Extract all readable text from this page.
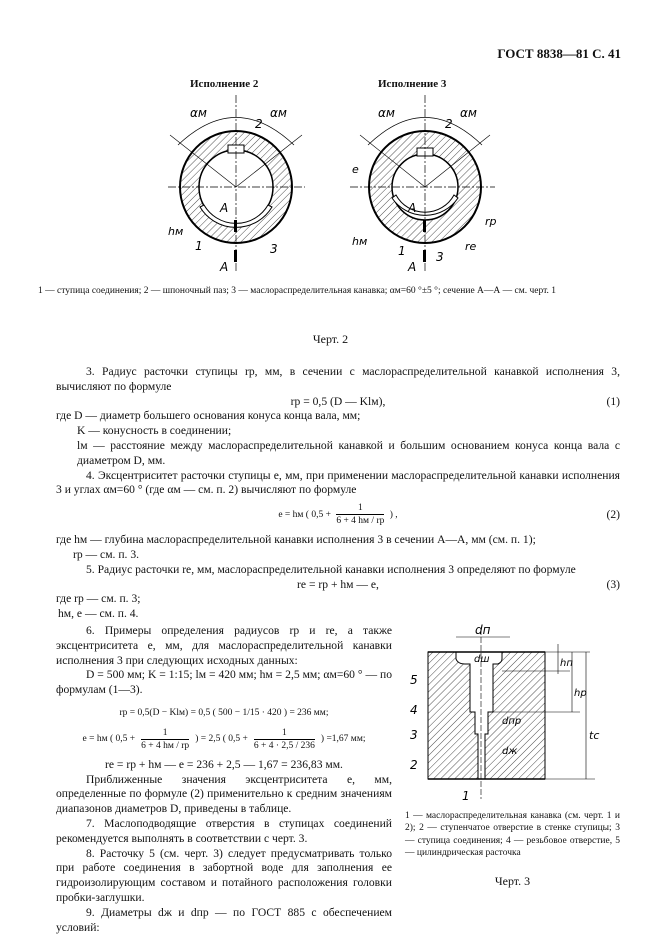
ГОСТ 8838—81 С. 41
Исполнение 2	Исполнение 3
αм	αм
2
A
A
hм
1	3
αм	αм
2
e
hм
rр
rе
A
A
1	3
1 — ступица соединения; 2 — шпоночный паз; 3 — маслораспределительная канавка; αм=60 °±5 °; сечение А—А — см. черт. 1
Черт. 2

3. Радиус расточки ступицы rр, мм, в сечении с маслораспределительной канавкой исполнения 3, вычисляют по формуле

rр = 0,5 (D — Klм),	(1)
где D — диаметр большего основания конуса конца вала, мм;
K — конусность в соединении;
lм — расстояние между маслораспределительной канавкой и большим основанием конуса конца вала с диаметром D, мм.

4. Эксцентриситет расточки ступицы e, мм, при применении маслораспределительной канавки исполнения 3 и углах αм=60 ° (где αм — см. п. 2) вычисляют по формуле

e = hм ( $0,5 + \frac{1}{6 + 4 hм / rр}$ ) ,	(2)
где hм — глубина маслораспределительной канавки исполнения 3 в сечении A—A, мм (см. п. 1);
rр — см. п. 3.

5. Радиус расточки rе, мм, маслораспределительной канавки исполнения 3 определяют по формуле

rе = rр + hм — e,	(3)
где rр — см. п. 3;
hм, e — см. п. 4.

6. Примеры определения радиусов rр и rе, а также эксцентриситета e, мм, для маслораспределительной канавки исполнения 3 при следующих исходных данных:

D = 500 мм; K = 1:15; lм = 420 мм; hм = 2,5 мм; αм=60 ° — по формулам (1—3).

rр = 0,5(D − Klм) = 0,5 ( 500 − 1/15 · 420 ) = 236 мм;
e = hм ( $0,5 + \frac{1}{6 + 4 hм / rр}$ ) = 2,5 ( $0,5 + \frac{1}{6 + 4 \cdot 2,5 / 236}$ ) =1,67 мм;
rе = rр + hм — e = 236 + 2,5 — 1,67 = 236,83 мм.

Приближенные значения эксцентриситета e, мм, определенные по формуле (2) применительно к средним значениям диапазонов диаметров D, приведены в таблице.

7. Маслоподводящие отверстия в ступицах соединений рекомендуется выполнять в соответствии с черт. 3.

8. Расточку 5 (см. черт. 3) следует предусматривать только при работе соединения в забортной воде для заполнения ее гидроизолирующим составом и потайного расположения головки пробки-заглушки.

9. Диаметры dж и dпр — по ГОСТ 885 с обеспечением условий:

dп
dш
dпр
dж
hп
hр
tс
5
4
3
2
1
1 — маслораспределительная канавка (см. черт. 1 и 2); 2 — ступенчатое отверстие в стенке ступицы; 3 — ступица соединения; 4 — резьбовое отверстие, 5 — цилиндрическая расточка
Черт. 3
